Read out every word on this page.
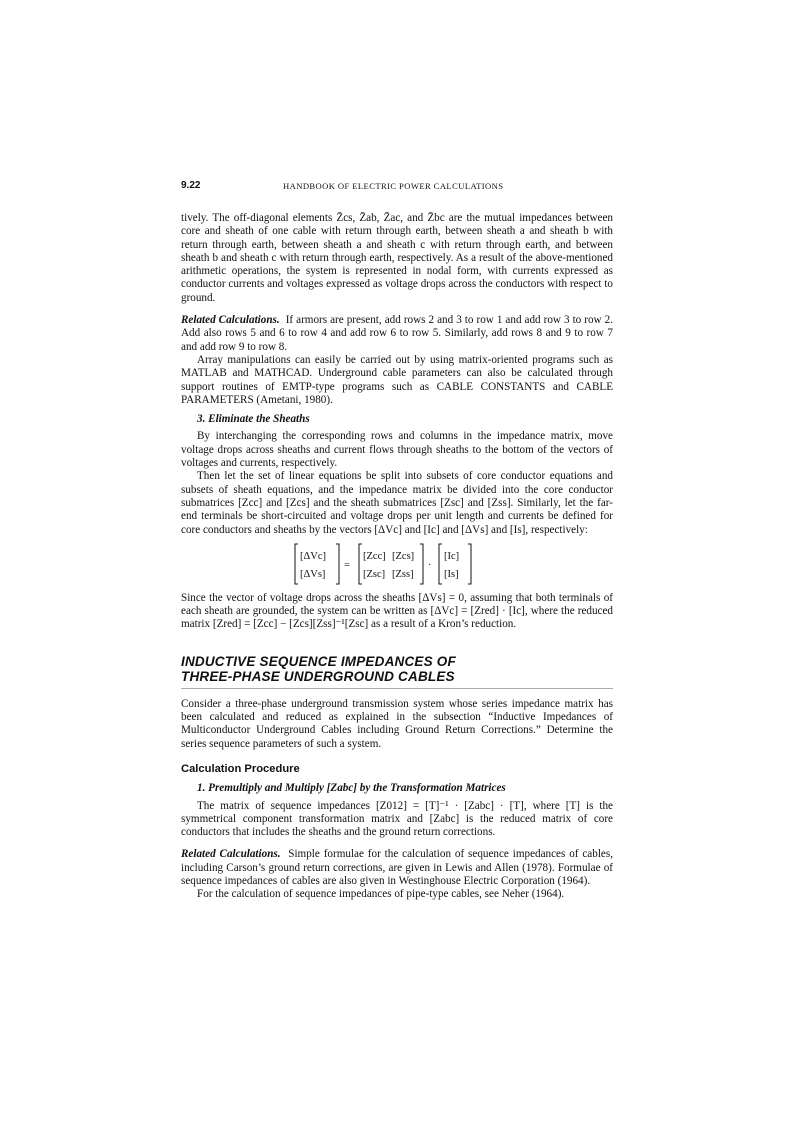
9.22	HANDBOOK OF ELECTRIC POWER CALCULATIONS

tively. The off-diagonal elements Z̄cs, Z̄ab, Z̄ac, and Z̄bc are the mutual impedances between core and sheath of one cable with return through earth, between sheath a and sheath b with return through earth, between sheath a and sheath c with return through earth, and between sheath b and sheath c with return through earth, respectively. As a result of the above-mentioned arithmetic operations, the system is represented in nodal form, with currents expressed as conductor currents and voltages expressed as voltage drops across the conductors with respect to ground.

Related Calculations. If armors are present, add rows 2 and 3 to row 1 and add row 3 to row 2. Add also rows 5 and 6 to row 4 and add row 6 to row 5. Similarly, add rows 8 and 9 to row 7 and add row 9 to row 8.

Array manipulations can easily be carried out by using matrix-oriented programs such as MATLAB and MATHCAD. Underground cable parameters can also be calculated through support routines of EMTP-type programs such as CABLE CONSTANTS and CABLE PARAMETERS (Ametani, 1980).

3. Eliminate the Sheaths

By interchanging the corresponding rows and columns in the impedance matrix, move voltage drops across sheaths and current flows through sheaths to the bottom of the vectors of voltages and currents, respectively.

Then let the set of linear equations be split into subsets of core conductor equations and subsets of sheath equations, and the impedance matrix be divided into the core conductor submatrices [Zcc] and [Zcs] and the sheath submatrices [Zsc] and [Zss]. Similarly, let the far-end terminals be short-circuited and voltage drops per unit length and currents be defined for core conductors and sheaths by the vectors [ΔVc] and [Ic] and [ΔVs] and [Is], respectively:

[ΔVc]
[ΔVs]
=
[Zcc] [Zcs]
[Zsc] [Zss]
·
[Ic]
[Is]

Since the vector of voltage drops across the sheaths [ΔVs] = 0, assuming that both terminals of each sheath are grounded, the system can be written as [ΔVc] = [Zred] · [Ic], where the reduced matrix [Zred] = [Zcc] − [Zcs][Zss]⁻¹[Zsc] as a result of a Kron’s reduction.

INDUCTIVE SEQUENCE IMPEDANCES OF
THREE-PHASE UNDERGROUND CABLES

Consider a three-phase underground transmission system whose series impedance matrix has been calculated and reduced as explained in the subsection “Inductive Impedances of Multiconductor Underground Cables including Ground Return Corrections.” Determine the series sequence parameters of such a system.

Calculation Procedure
1. Premultiply and Multiply [Zabc] by the Transformation Matrices

The matrix of sequence impedances [Z012] = [T]⁻¹ · [Zabc] · [T], where [T] is the symmetrical component transformation matrix and [Zabc] is the reduced matrix of core conductors that includes the sheaths and the ground return corrections.

Related Calculations. Simple formulae for the calculation of sequence impedances of cables, including Carson’s ground return corrections, are given in Lewis and Allen (1978). Formulae of sequence impedances of cables are also given in Westinghouse Electric Corporation (1964).

For the calculation of sequence impedances of pipe-type cables, see Neher (1964).
